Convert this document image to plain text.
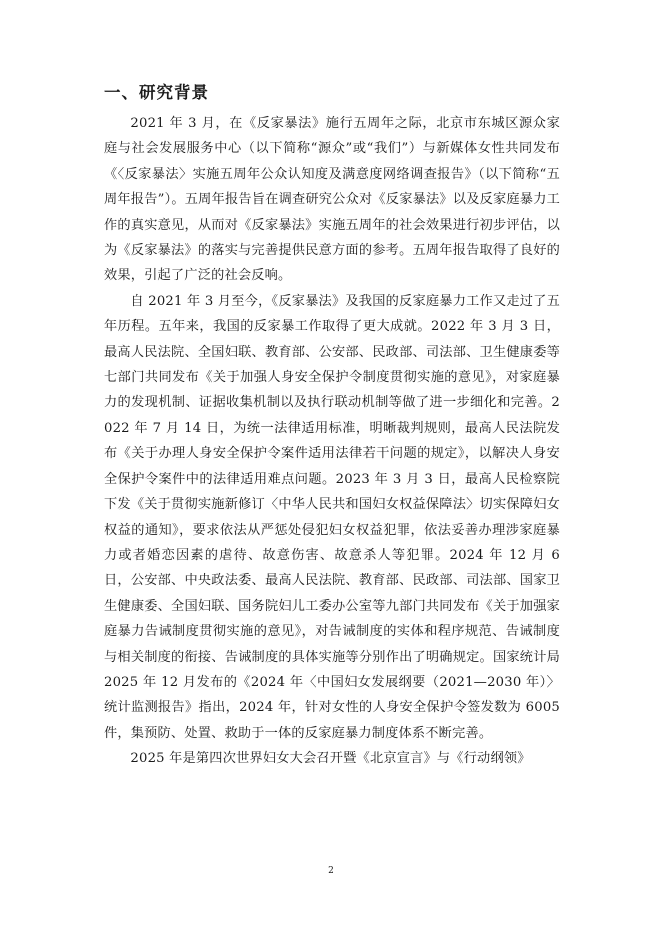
一、研究背景

2021 年 3 月，在《反家暴法》施行五周年之际，北京市东城区源众家庭与社会发展服务中心（以下简称“源众”或“我们”）与新媒体女性共同发布《〈反家暴法〉实施五周年公众认知度及满意度网络调查报告》（以下简称“五周年报告”）。五周年报告旨在调查研究公众对《反家暴法》以及反家庭暴力工作的真实意见，从而对《反家暴法》实施五周年的社会效果进行初步评估，以为《反家暴法》的落实与完善提供民意方面的参考。五周年报告取得了良好的效果，引起了广泛的社会反响。

自 2021 年 3 月至今，《反家暴法》及我国的反家庭暴力工作又走过了五年历程。五年来，我国的反家暴工作取得了更大成就。2022 年 3 月 3 日，最高人民法院、全国妇联、教育部、公安部、民政部、司法部、卫生健康委等七部门共同发布《关于加强人身安全保护令制度贯彻实施的意见》，对家庭暴力的发现机制、证据收集机制以及执行联动机制等做了进一步细化和完善。2022 年 7 月 14 日，为统一法律适用标准，明晰裁判规则，最高人民法院发布《关于办理人身安全保护令案件适用法律若干问题的规定》，以解决人身安全保护令案件中的法律适用难点问题。2023 年 3 月 3 日，最高人民检察院下发《关于贯彻实施新修订〈中华人民共和国妇女权益保障法〉切实保障妇女权益的通知》，要求依法从严惩处侵犯妇女权益犯罪，依法妥善办理涉家庭暴力或者婚恋因素的虐待、故意伤害、故意杀人等犯罪。2024 年 12 月 6 日，公安部、中央政法委、最高人民法院、教育部、民政部、司法部、国家卫生健康委、全国妇联、国务院妇儿工委办公室等九部门共同发布《关于加强家庭暴力告诫制度贯彻实施的意见》，对告诫制度的实体和程序规范、告诫制度与相关制度的衔接、告诫制度的具体实施等分别作出了明确规定。国家统计局 2025 年 12 月发布的《2024 年〈中国妇女发展纲要（2021—2030 年）〉统计监测报告》指出，2024 年，针对女性的人身安全保护令签发数为 6005 件，集预防、处置、救助于一体的反家庭暴力制度体系不断完善。

2025 年是第四次世界妇女大会召开暨《北京宣言》与《行动纲领》

2
